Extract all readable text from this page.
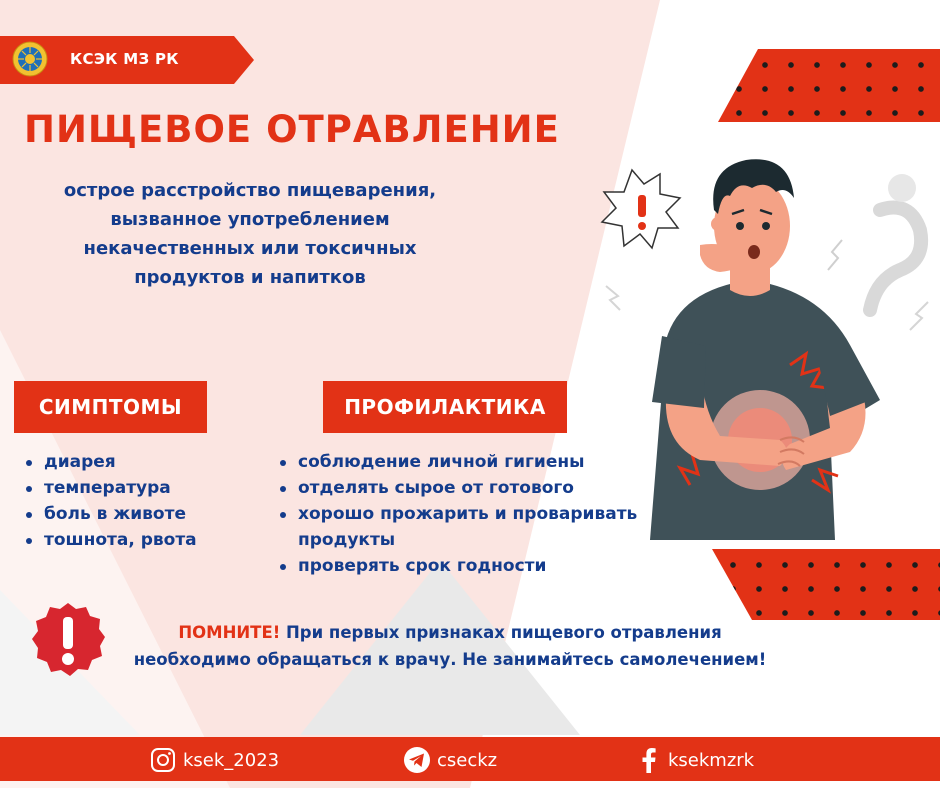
КСЭК МЗ РК
ПИЩЕВОЕ ОТРАВЛЕНИЕ
острое расстройство пищеварения,
вызванное употреблением
некачественных или токсичных
продуктов и напитков
СИМПТОМЫ
диарея
температура
боль в животе
тошнота, рвота
ПРОФИЛАКТИКА
соблюдение личной гигиены
отделять сырое от готового
хорошо прожарить и проваривать продукты
проверять срок годности
ПОМНИТЕ! При первых признаках пищевого отравления
необходимо обращаться к врачу. Не занимайтесь самолечением!
ksek_2023	cseckz	ksekmzrk
